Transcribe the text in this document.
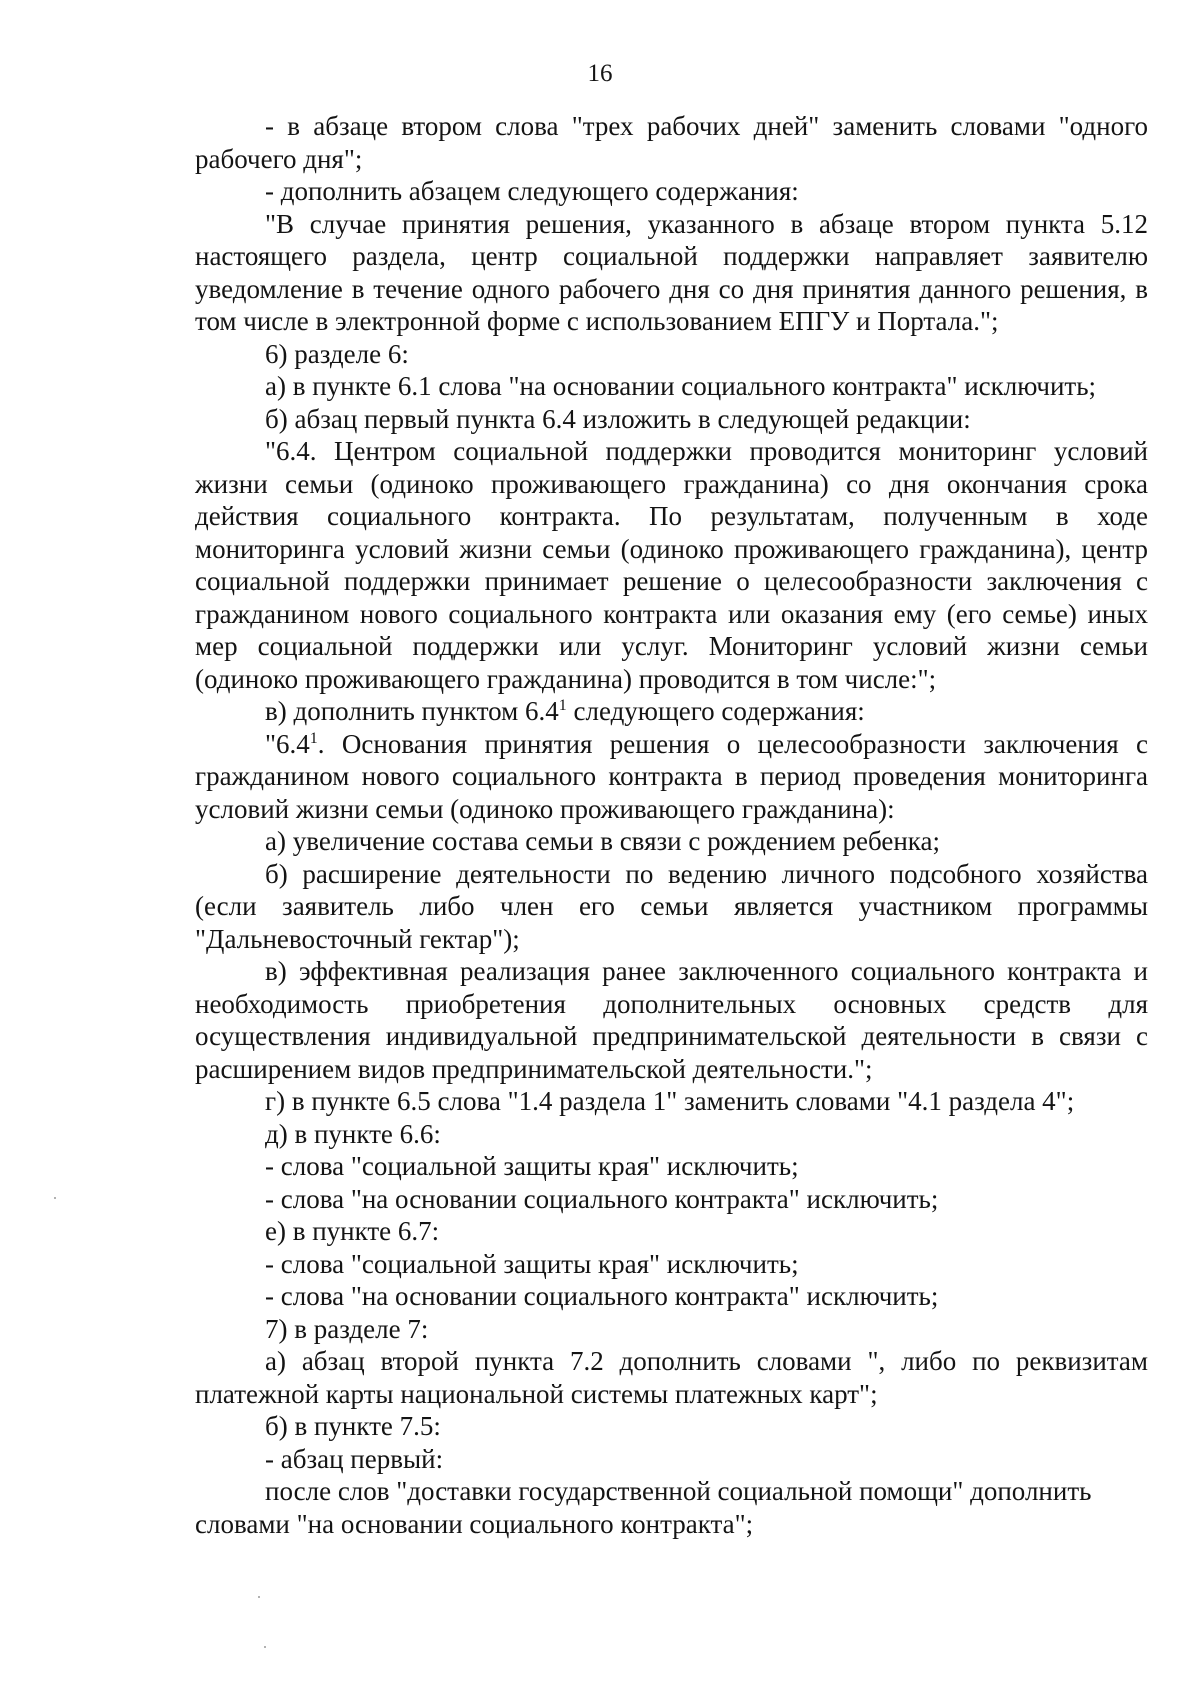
16

- в абзаце втором слова "трех рабочих дней" заменить словами "одного рабочего дня";

- дополнить абзацем следующего содержания:

"В случае принятия решения, указанного в абзаце втором пункта 5.12 настоящего раздела, центр социальной поддержки направляет заявителю уведомление в течение одного рабочего дня со дня принятия данного решения, в том числе в электронной форме с использованием ЕПГУ и Портала.";

6) разделе 6:

а) в пункте 6.1 слова "на основании социального контракта" исключить;

б) абзац первый пункта 6.4 изложить в следующей редакции:

"6.4. Центром социальной поддержки проводится мониторинг условий жизни семьи (одиноко проживающего гражданина) со дня окончания срока действия социального контракта. По результатам, полученным в ходе мониторинга условий жизни семьи (одиноко проживающего гражданина), центр социальной поддержки принимает решение о целесообразности заключения с гражданином нового социального контракта или оказания ему (его семье) иных мер социальной поддержки или услуг. Мониторинг условий жизни семьи (одиноко проживающего гражданина) проводится в том числе:";

в) дополнить пунктом $6.4^1$ следующего содержания:

"$6.4^1$. Основания принятия решения о целесообразности заключения с гражданином нового социального контракта в период проведения мониторинга условий жизни семьи (одиноко проживающего гражданина):

а) увеличение состава семьи в связи с рождением ребенка;

б) расширение деятельности по ведению личного подсобного хозяйства (если заявитель либо член его семьи является участником программы "Дальневосточный гектар");

в) эффективная реализация ранее заключенного социального контракта и необходимость приобретения дополнительных основных средств для осуществления индивидуальной предпринимательской деятельности в связи с расширением видов предпринимательской деятельности.";

г) в пункте 6.5 слова "1.4 раздела 1" заменить словами "4.1 раздела 4";

д) в пункте 6.6:

- слова "социальной защиты края" исключить;

- слова "на основании социального контракта" исключить;

е) в пункте 6.7:

- слова "социальной защиты края" исключить;

- слова "на основании социального контракта" исключить;

7) в разделе 7:

а) абзац второй пункта 7.2 дополнить словами ", либо по реквизитам платежной карты национальной системы платежных карт";

б) в пункте 7.5:

- абзац первый:

после слов "доставки государственной социальной помощи" дополнить словами "на основании социального контракта";
